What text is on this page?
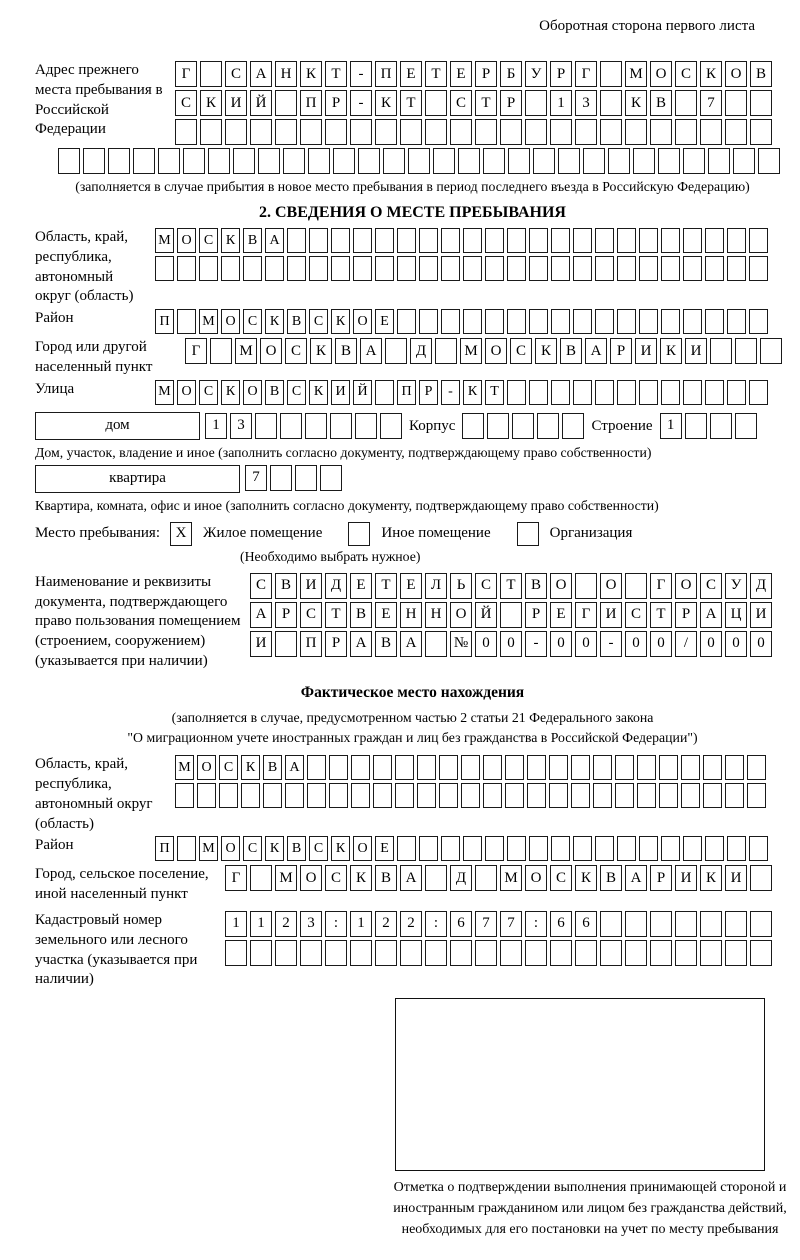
Оборотная сторона первого листа
Адрес прежнего места пребывания в Российской Федерации
Г	С А Н К	Т	-	П Е	Т	Е	Р	Б	У	Р	Г	М О С К О В
С К И Й	П	Р	-	К	Т	С	Т	Р	1	3	К В	7
(заполняется в случае прибытия в новое место пребывания в период последнего въезда в Российскую Федерацию)
2. СВЕДЕНИЯ О МЕСТЕ ПРЕБЫВАНИЯ
Область, край, республика, автономный округ (область)
М О С К В А
Район	П	М О С К В С К О Е
Город или другой населенный пункт
Г	М О С К В А	Д	М О С К В А	Р	И К И
Улица	М О С К О В С К И Й	П Р	-	К Т
дом	1	3	Корпус	Строение 1
Дом, участок, владение и иное (заполнить согласно документу, подтверждающему право собственности)
квартира	7
Квартира, комната, офис и иное (заполнить согласно документу, подтверждающему право собственности)
Место пребывания:	X	Жилое помещение	Иное помещение	Организация
(Необходимо выбрать нужное)
Наименование и реквизиты документа, подтверждающего право пользования помещением (строением, сооружением) (указывается при наличии)
С В И Д	Е	Т	Е	Л	Ь	С	Т	В О	О	Г	О С У Д
А	Р	С	Т	В	Е	Н Н О Й	Р	Е	Г	И С	Т	Р	А Ц И
И	П	Р	А В А	№ 0	0	-	0	0	-	0	0	/	0	0	0
Фактическое место нахождения
(заполняется в случае, предусмотренном частью 2 статьи 21 Федерального закона
"О миграционном учете иностранных граждан и лиц без гражданства в Российской Федерации")
Область, край, республика, автономный округ (область)
М О С К В А
Район	П	М О С К В С К О Е
Город, сельское поселение, иной населенный пункт
Г	М О С К В А	Д	М О С К В А	Р	И К И
Кадастровый номер земельного или лесного участка (указывается при наличии)
1	1	2	3	:	1	2	2	:	6	7	7	:	6	6
Отметка о подтверждении выполнения принимающей стороной и иностранным гражданином или лицом без гражданства действий, необходимых для его постановки на учет по месту пребывания
